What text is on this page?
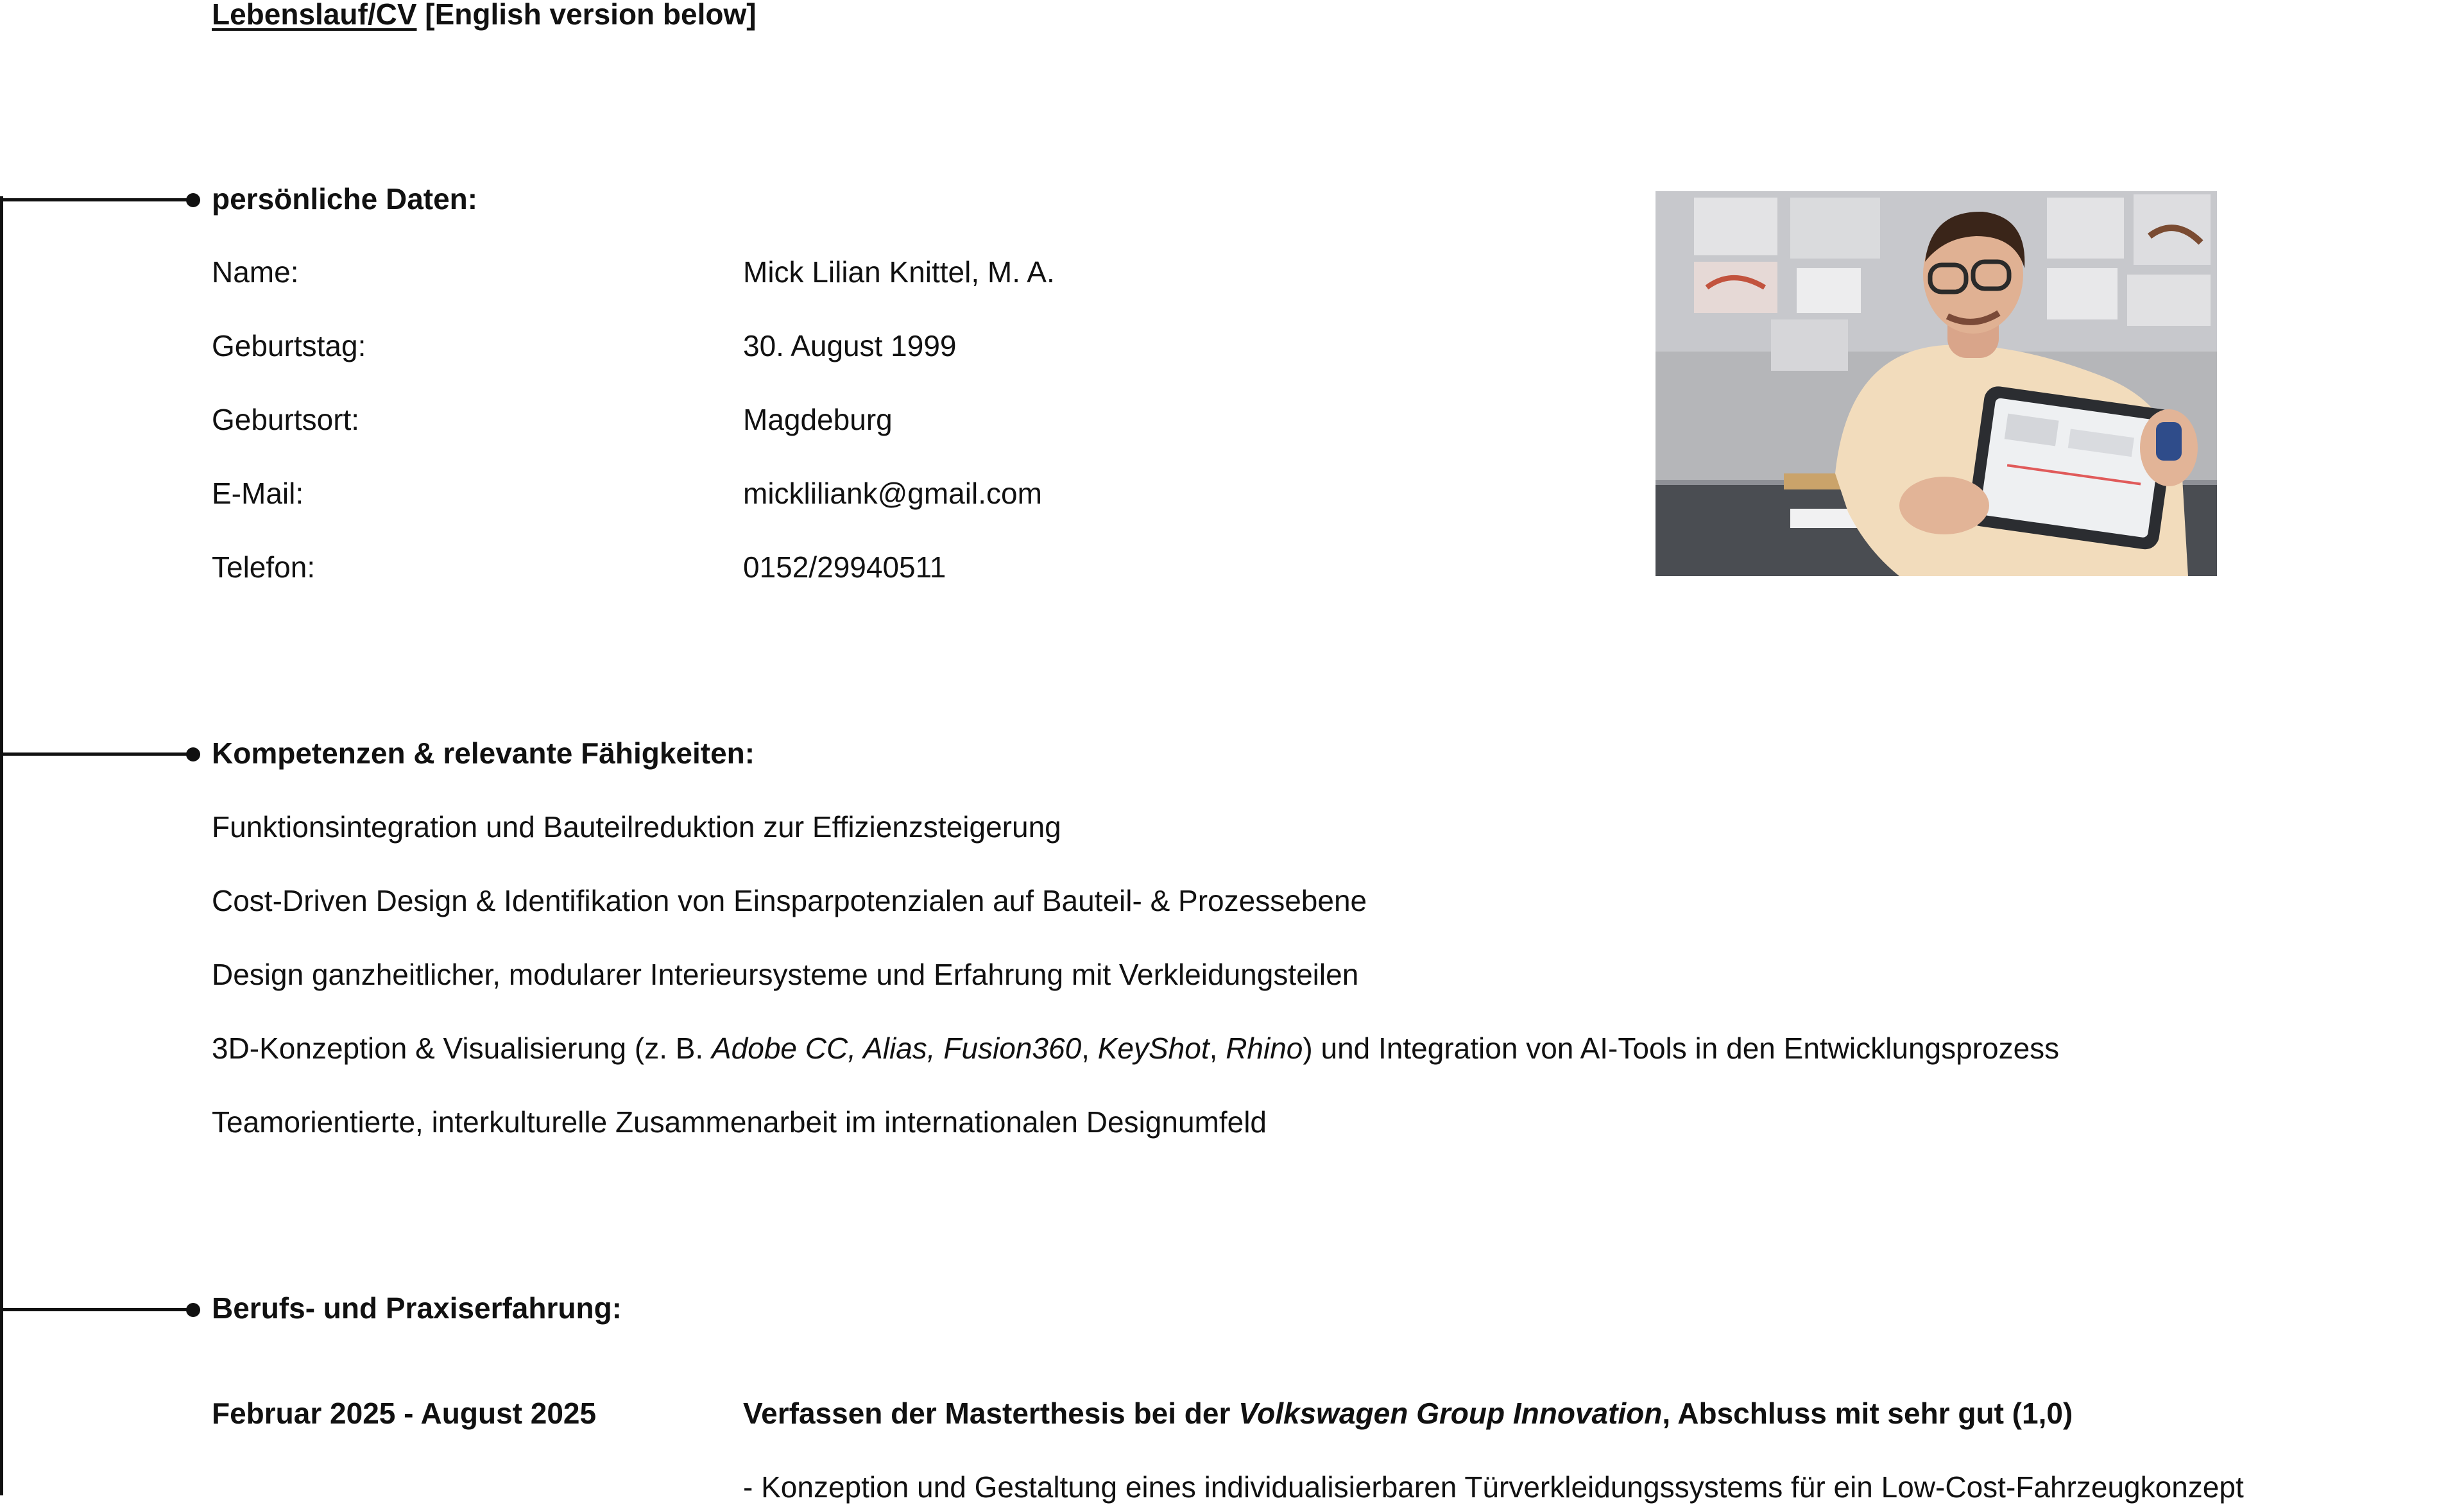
Lebenslauf/CV [English version below]
persönliche Daten:
Name:	Mick Lilian Knittel, M. A.
Geburtstag:	30. August 1999
Geburtsort:	Magdeburg
E-Mail:	mickliliank@gmail.com
Telefon:	0152/29940511
Kompetenzen & relevante Fähigkeiten:
Funktionsintegration und Bauteilreduktion zur Effizienzsteigerung
Cost-Driven Design & Identifikation von Einsparpotenzialen auf Bauteil- & Prozessebene
Design ganzheitlicher, modularer Interieursysteme und Erfahrung mit Verkleidungsteilen
3D-Konzeption & Visualisierung (z. B. Adobe CC, Alias, Fusion360, KeyShot, Rhino) und Integration von AI-Tools in den Entwicklungsprozess
Teamorientierte, interkulturelle Zusammenarbeit im internationalen Designumfeld
Berufs- und Praxiserfahrung:
Februar 2025 - August 2025	Verfassen der Masterthesis bei der Volkswagen Group Innovation, Abschluss mit sehr gut (1,0)
- Konzeption und Gestaltung eines individualisierbaren Türverkleidungssystems für ein Low-Cost-Fahrzeugkonzept
